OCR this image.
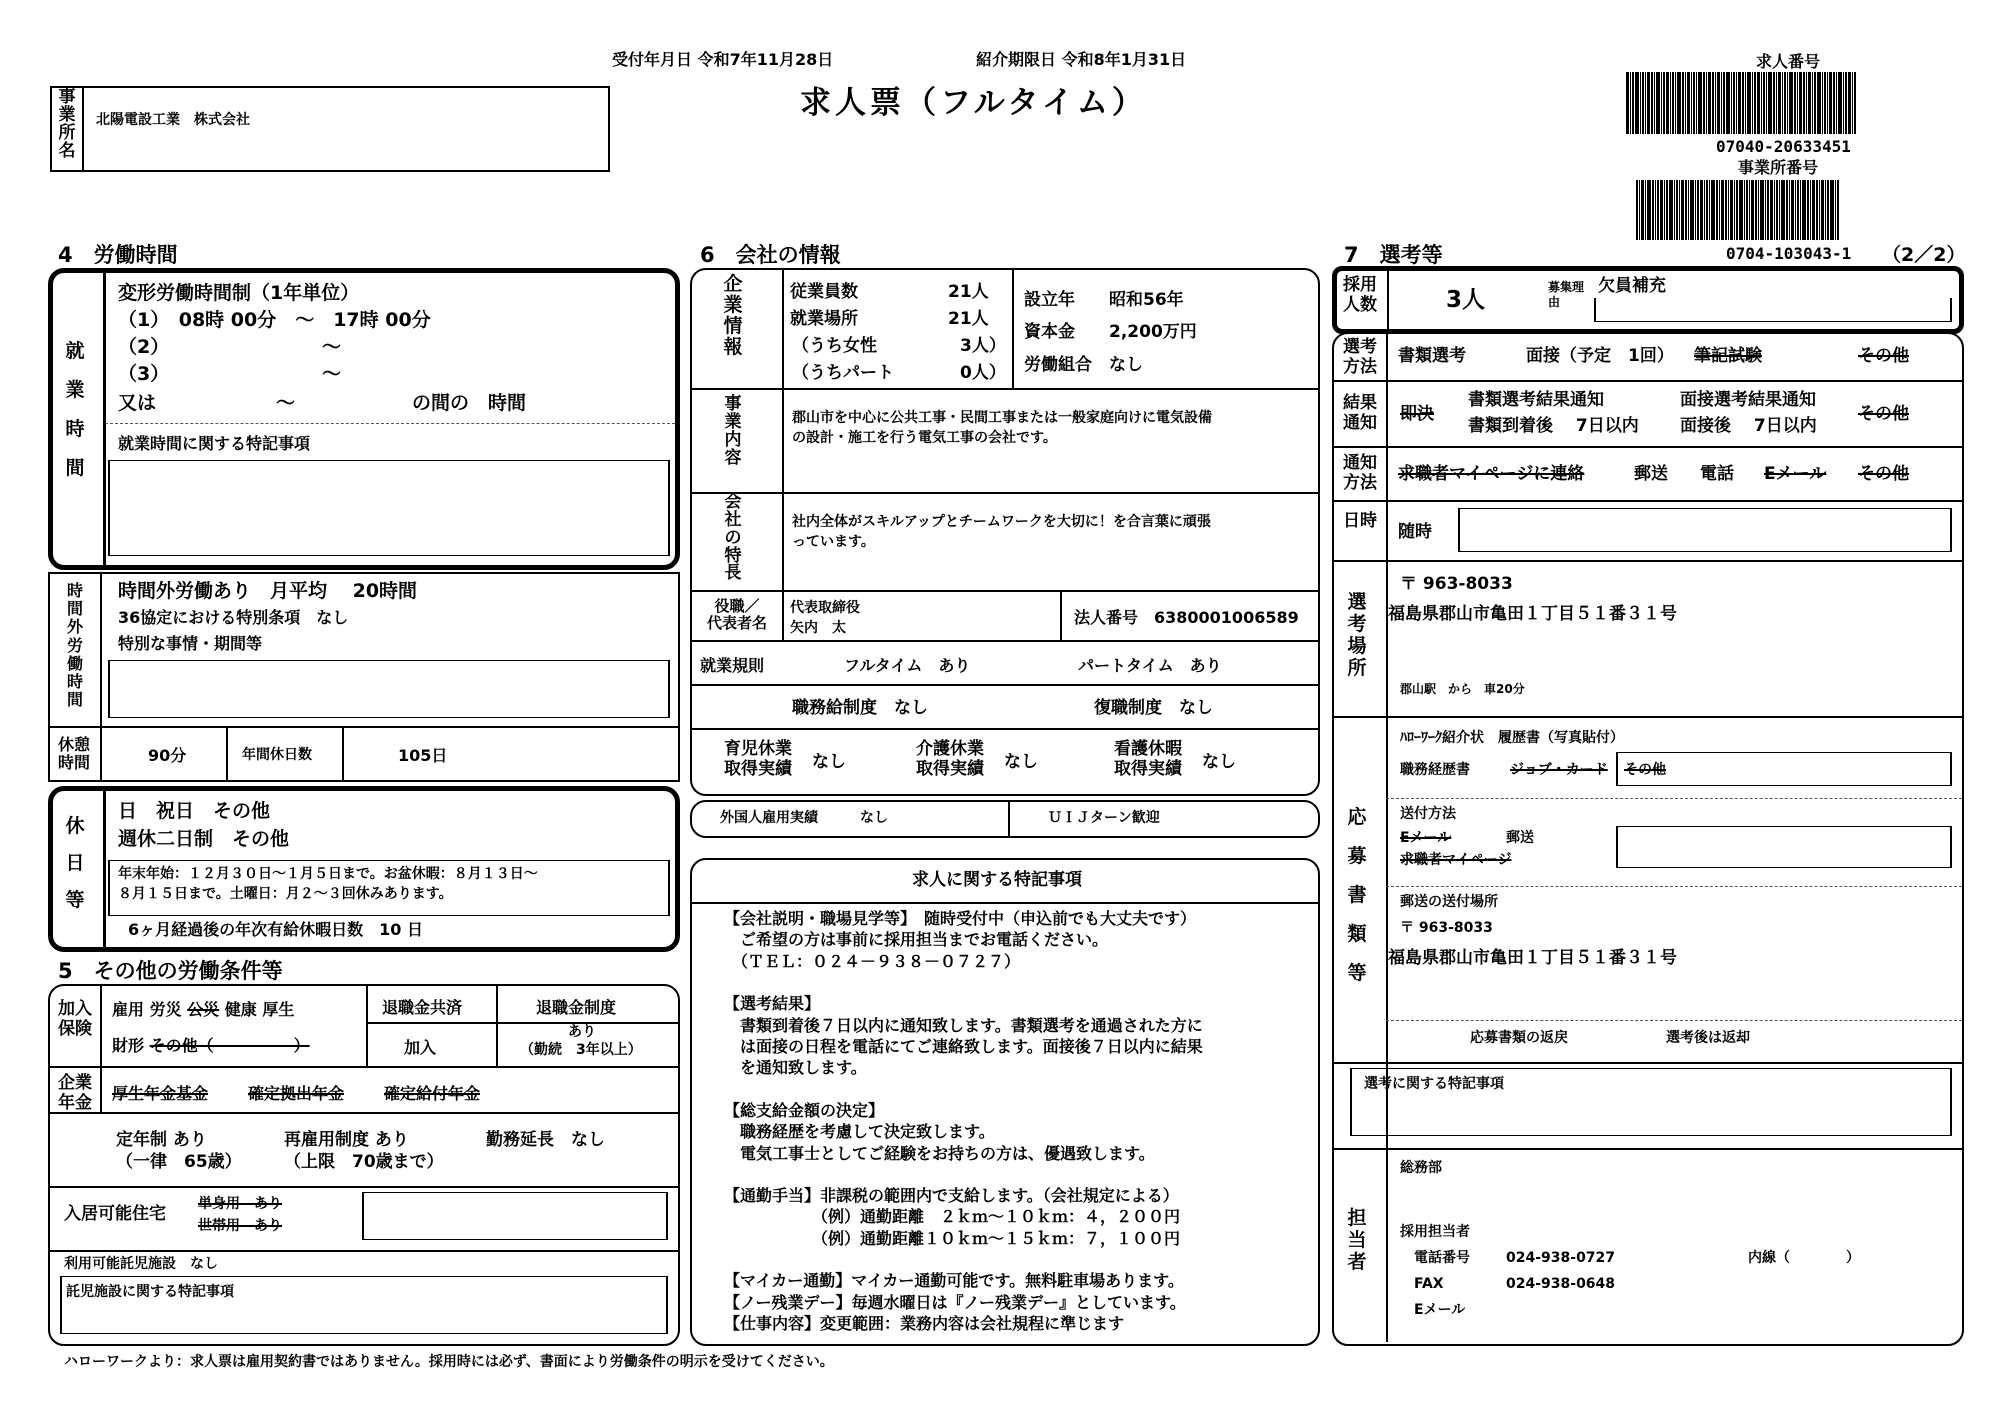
受付年月日 令和7年11月28日	紹介期限日 令和8年1月31日
求人票（フルタイム）
事業所名
北陽電設工業　株式会社
求人番号
07040-20633451
事業所番号
0704-103043-1 （2／2）
4　労働時間
就業時間
変形労働時間制（1年単位）
（1）　08時 00分　～　17時 00分
（2）	～
（3）	～
又は	～	の間の　時間
就業時間に関する特記事項
時間外労働時間
時間外労働あり　月平均　 20時間
36協定における特別条項　なし
特別な事情・期間等
休憩時間	90分	年間休日数	105日
休日等
日　祝日　その他
週休二日制　その他
年末年始：１２月３０日～１月５日まで。お盆休暇：８月１３日～
８月１５日まで。土曜日：月２～３回休みあります。
6ヶ月経過後の年次有給休暇日数　10 日
5　その他の労働条件等
加入保険
雇用 労災 公災 健康 厚生
財形 その他（　　　　　）
退職金共済
加入
退職金制度
あり
（勤続　3年以上）
企業年金 厚生年金基金 確定拠出年金 確定給付年金
定年制 あり
（一律　65歳）
再雇用制度 あり
（上限　70歳まで）
勤務延長　なし
入居可能住宅 単身用　あり
世帯用　あり
利用可能託児施設　なし
託児施設に関する特記事項
6　会社の情報
企業情報
従業員数	21人
就業場所	21人
（うち女性	3人）
（うちパート	0人）
設立年　　昭和56年
資本金　　2,200万円
労働組合　なし
事業内容
郡山市を中心に公共工事・民間工事または一般家庭向けに電気設備
の設計・施工を行う電気工事の会社です。
会社の特長
社内全体がスキルアップとチームワークを大切に！を合言葉に頑張
っています。
役職／
代表者名
代表取締役
矢内　太
法人番号　6380001006589
就業規則	フルタイム　あり	パートタイム　あり
職務給制度　なし	復職制度　なし
育児休業取得実績	なし
介護休業取得実績	なし
看護休暇取得実績	なし
外国人雇用実績　　　なし	ＵＩＪターン歓迎
求人に関する特記事項
【会社説明・職場見学等】　随時受付中（申込前でも大丈夫です）
　ご希望の方は事前に採用担当までお電話ください。
　（ＴＥＬ：０２４－９３８－０７２７）
【選考結果】
　書類到着後７日以内に通知致します。書類選考を通過された方に
　は面接の日程を電話にてご連絡致します。面接後７日以内に結果
　を通知致します。
【総支給金額の決定】
　職務経歴を考慮して決定致します。
　電気工事士としてご経験をお持ちの方は、優遇致します。
【通勤手当】非課税の範囲内で支給します。（会社規定による）
　　　　　　（例）通勤距離　２ｋｍ～１０ｋｍ：４，２００円
　　　　　　（例）通勤距離１０ｋｍ～１５ｋｍ：７，１００円
【マイカー通勤】マイカー通勤可能です。無料駐車場あります。
【ノー残業デー】毎週水曜日は『ノー残業デー』としています。
【仕事内容】変更範囲：業務内容は会社規程に準じます
7　選考等
採用人数	3人	募集理由
欠員補充
選考方法
書類選考	面接（予定　1回） 筆記試験	その他
結果通知 即決
書類選考結果通知
書類到着後　 7日以内
面接選考結果通知
面接後　 7日以内
その他
通知方法 求職者マイページに連絡	郵送 電話 Eメール その他
日時
随時
選考場所
〒 963-8033
福島県郡山市亀田１丁目５１番３１号
郡山駅　から　車20分
応募書類等
ﾊﾛｰﾜｰｸ紹介状　履歴書（写真貼付）
職務経歴書	ジョブ・カード その他
送付方法
Eメール	郵送
求職者マイページ
郵送の送付場所
〒 963-8033
福島県郡山市亀田１丁目５１番３１号
応募書類の返戻	選考後は返却
選考に関する特記事項
担当者
総務部
採用担当者
電話番号	024-938-0727	内線（　　　　）
FAX	024-938-0648
Eメール
ハローワークより：求人票は雇用契約書ではありません。採用時には必ず、書面により労働条件の明示を受けてください。
